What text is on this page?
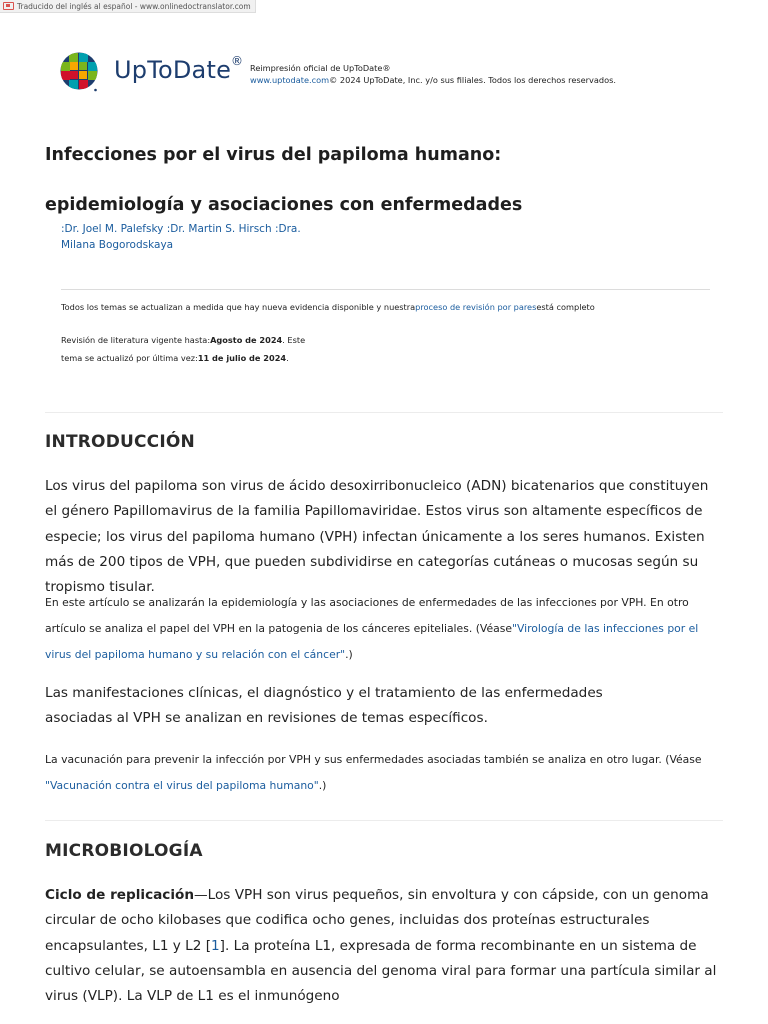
Traducido del inglés al español - www.onlinedoctranslator.com
UpToDate® Reimpresión oficial de UpToDate®
www.uptodate.com© 2024 UpToDate, Inc. y/o sus filiales. Todos los derechos reservados.
Infecciones por el virus del papiloma humano: epidemiología y asociaciones con enfermedades
:Dr. Joel M. Palefsky :Dr. Martin S. Hirsch :Dra. Milana Bogorodskaya
Todos los temas se actualizan a medida que hay nueva evidencia disponible y nuestraproceso de revisión por paresestá completo
Revisión de literatura vigente hasta:Agosto de 2024. Este
tema se actualizó por última vez:11 de julio de 2024.
INTRODUCCIÓN

Los virus del papiloma son virus de ácido desoxirribonucleico (ADN) bicatenarios que constituyen el género Papillomavirus de la familia Papillomaviridae. Estos virus son altamente específicos de especie; los virus del papiloma humano (VPH) infectan únicamente a los seres humanos. Existen más de 200 tipos de VPH, que pueden subdividirse en categorías cutáneas o mucosas según su tropismo tisular.

En este artículo se analizarán la epidemiología y las asociaciones de enfermedades de las infecciones por VPH. En otro artículo se analiza el papel del VPH en la patogenia de los cánceres epiteliales. (Véase"Virología de las infecciones por el virus del papiloma humano y su relación con el cáncer".)

Las manifestaciones clínicas, el diagnóstico y el tratamiento de las enfermedades asociadas al VPH se analizan en revisiones de temas específicos.

La vacunación para prevenir la infección por VPH y sus enfermedades asociadas también se analiza en otro lugar. (Véase "Vacunación contra el virus del papiloma humano".)

MICROBIOLOGÍA

Ciclo de replicación—Los VPH son virus pequeños, sin envoltura y con cápside, con un genoma circular de ocho kilobases que codifica ocho genes, incluidas dos proteínas estructurales encapsulantes, L1 y L2 [1]. La proteína L1, expresada de forma recombinante en un sistema de cultivo celular, se autoensambla en ausencia del genoma viral para formar una partícula similar al virus (VLP). La VLP de L1 es el inmunógeno
